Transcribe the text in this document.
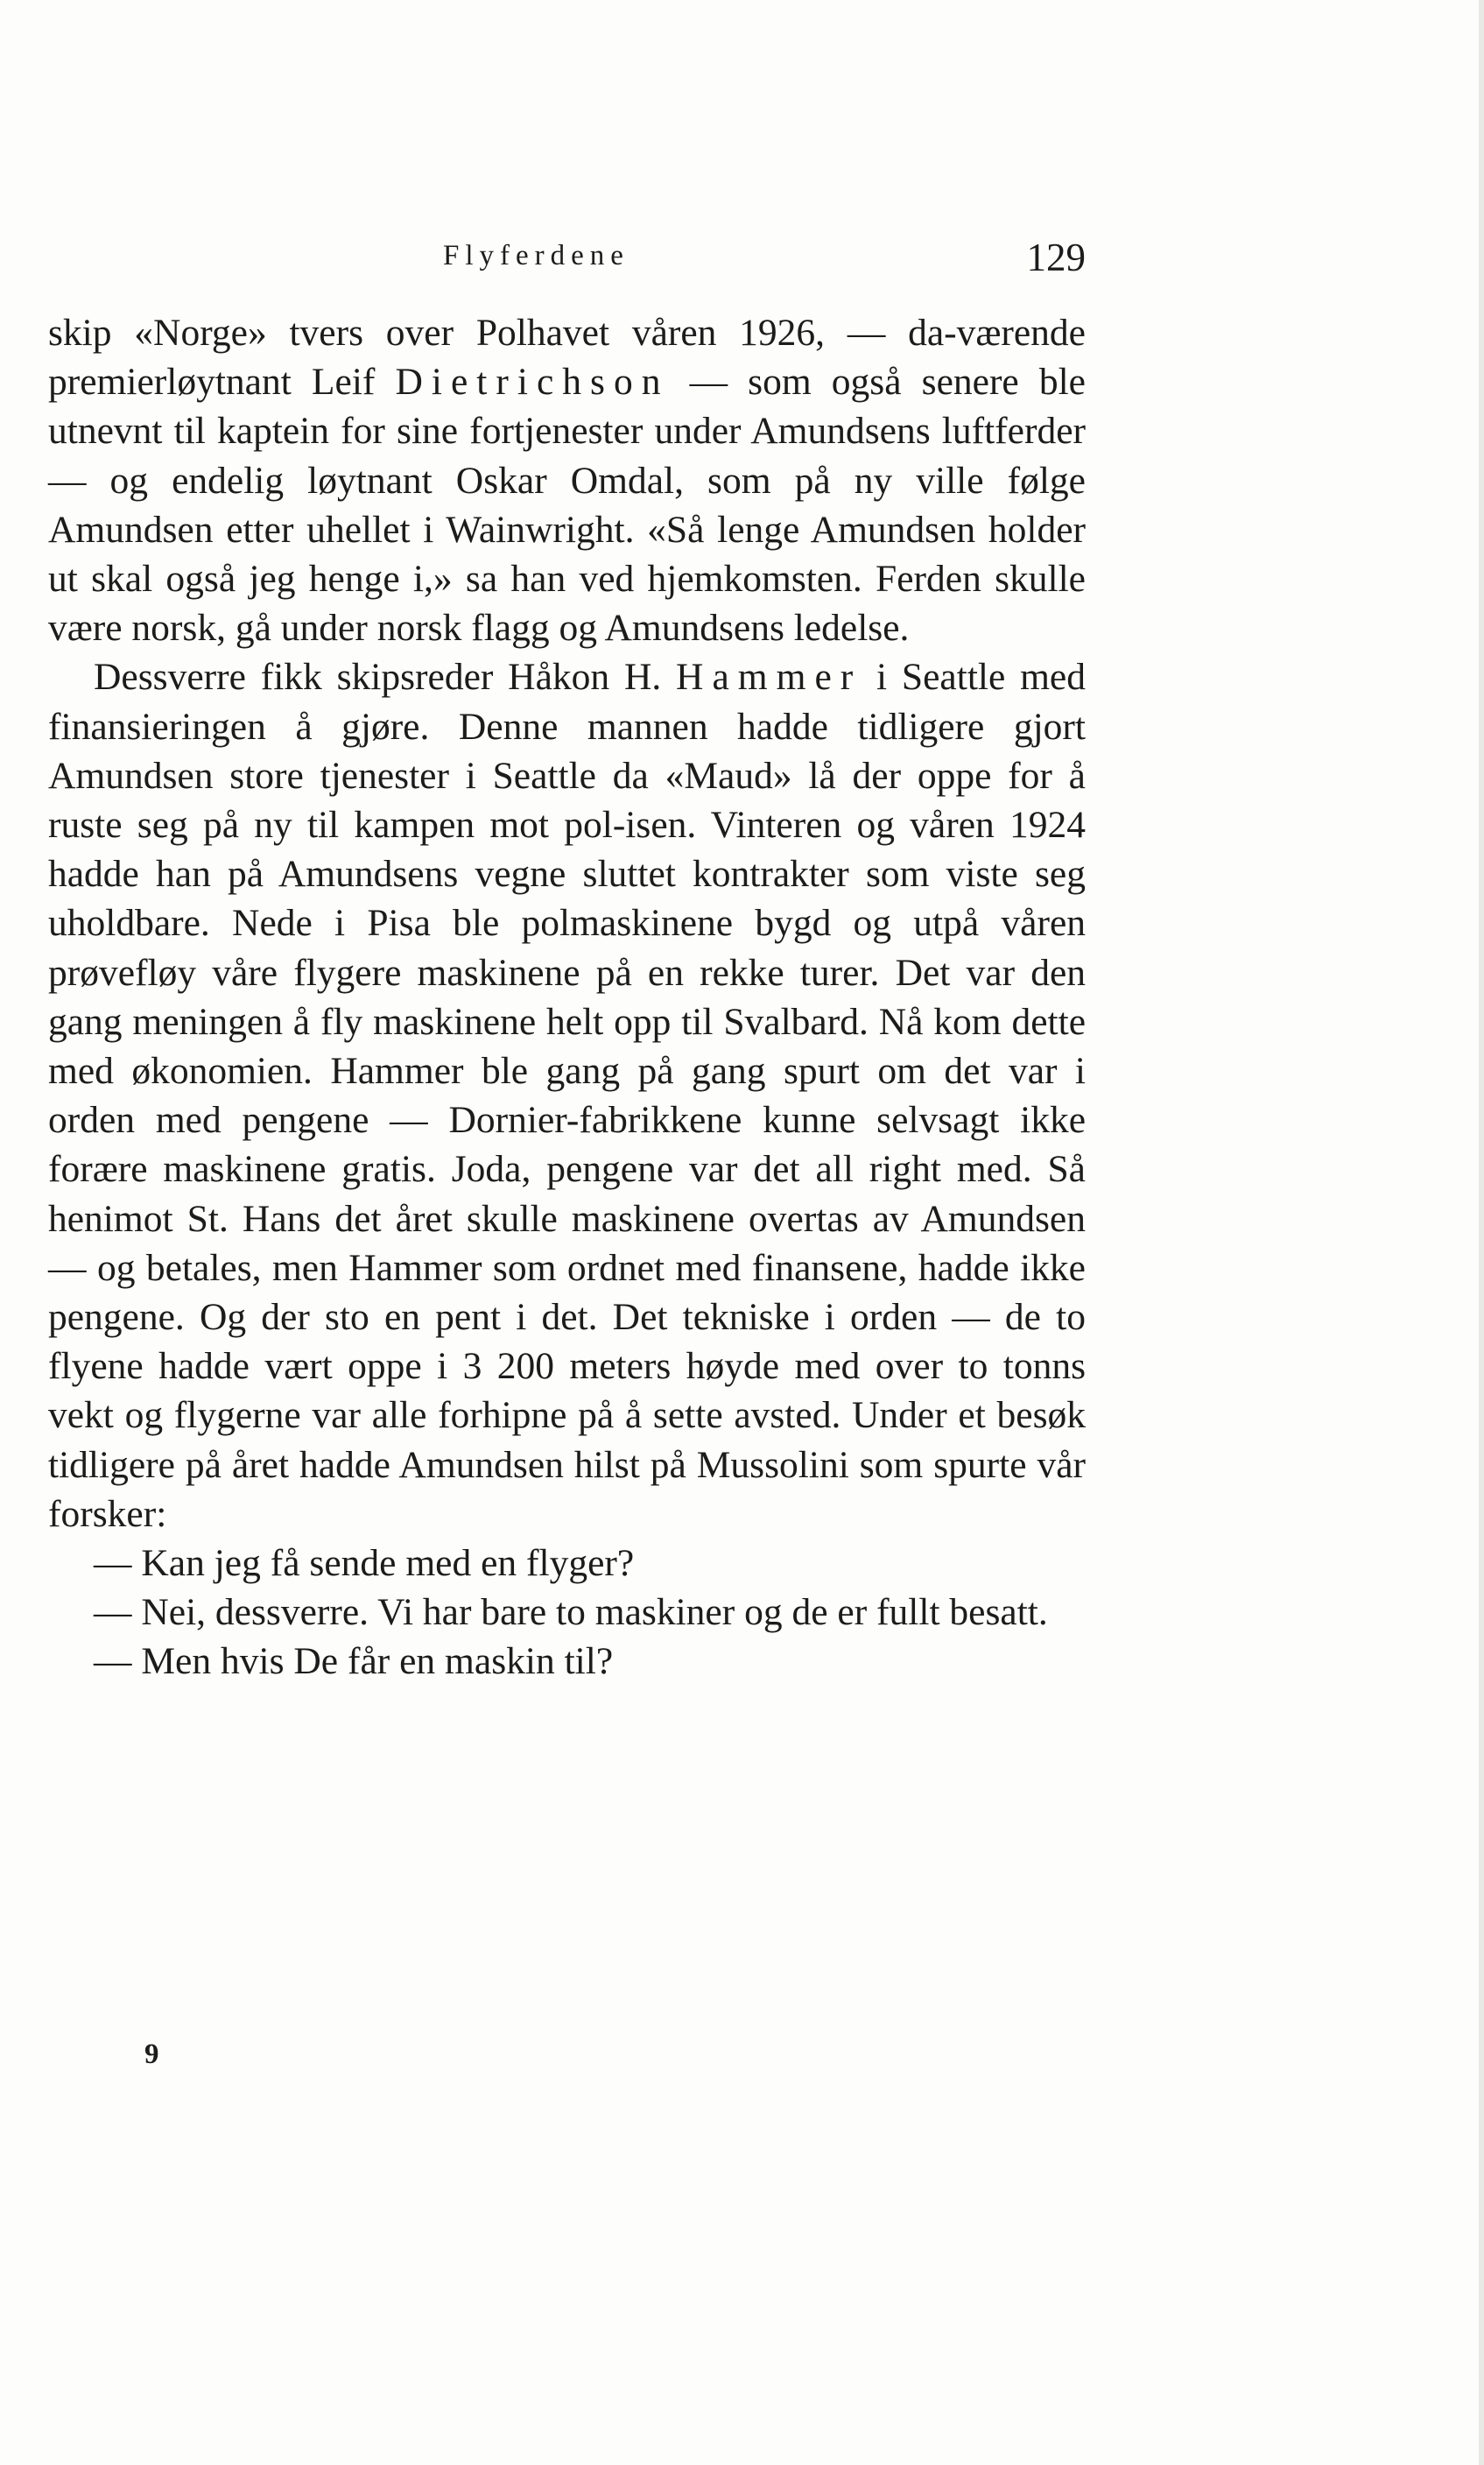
Flyferdene	129

skip «Norge» tvers over Polhavet våren 1926, — da-værende premierløytnant Leif Dietrichson — som også senere ble utnevnt til kaptein for sine fortjenester under Amundsens luftferder — og endelig løytnant Oskar Omdal, som på ny ville følge Amundsen etter uhellet i Wainwright. «Så lenge Amundsen holder ut skal også jeg henge i,» sa han ved hjemkomsten. Ferden skulle være norsk, gå under norsk flagg og Amundsens ledelse.

Dessverre fikk skipsreder Håkon H. Hammer i Seattle med finansieringen å gjøre. Denne mannen hadde tidligere gjort Amundsen store tjenester i Seattle da «Maud» lå der oppe for å ruste seg på ny til kampen mot pol-isen. Vinteren og våren 1924 hadde han på Amundsens vegne sluttet kontrakter som viste seg uholdbare. Nede i Pisa ble polmaskinene bygd og utpå våren prøvefløy våre flygere maskinene på en rekke turer. Det var den gang meningen å fly maskinene helt opp til Svalbard. Nå kom dette med økonomien. Hammer ble gang på gang spurt om det var i orden med pengene — Dornier-fabrikkene kunne selvsagt ikke forære maskinene gratis. Joda, pengene var det all right med. Så henimot St. Hans det året skulle maskinene overtas av Amundsen — og betales, men Hammer som ordnet med finansene, hadde ikke pengene. Og der sto en pent i det. Det tekniske i orden — de to flyene hadde vært oppe i 3 200 meters høyde med over to tonns vekt og flygerne var alle forhipne på å sette avsted. Under et besøk tidligere på året hadde Amundsen hilst på Mussolini som spurte vår forsker:

— Kan jeg få sende med en flyger?

— Nei, dessverre. Vi har bare to maskiner og de er fullt besatt.

— Men hvis De får en maskin til?

9
